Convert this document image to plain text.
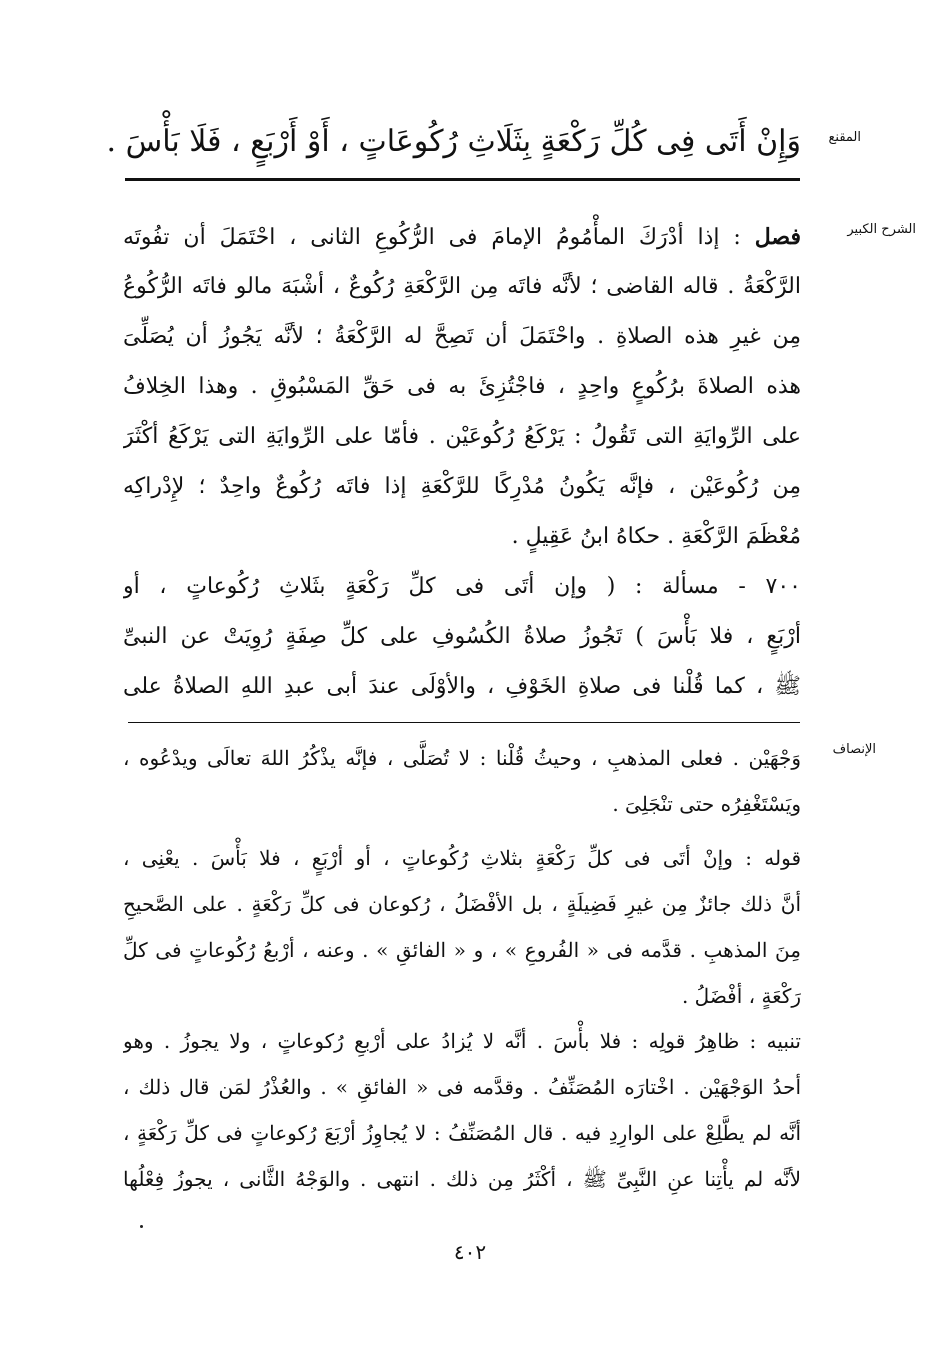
المقنع
وَإِنْ أَتَى فِى كُلِّ رَكْعَةٍ بِثَلَاثِ رُكُوعَاتٍ ، أَوْ أَرْبَعٍ ، فَلَا بَأْسَ .
الشرح الكبير
فصل : إذا أدْرَكَ المأْمُومُ الإمامَ فى الرُّكُوعِ الثانى ، احْتَمَلَ أن تفُوتَه
الرَّكْعَةُ . قاله القاضى ؛ لأنَّه فاتَه مِن الرَّكْعَةِ رُكُوعٌ ، أشْبَهَ مالو فاتَه الرُّكُوعُ
مِن غيرِ هذه الصلاةِ . واحْتَمَلَ أن تَصِحَّ له الرَّكْعَةُ ؛ لأنَّه يَجُوزُ أن يُصَلِّىَ
هذه الصلاةَ برُكُوعٍ واحِدٍ ، فاجْتُزِئَ به فى حَقِّ المَسْبُوقِ . وهذا الخِلافُ
على الرِّوايَةِ التى تَقُولُ : يَرْكَعُ رُكُوعَيْن . فأمّا على الرِّوايَةِ التى يَرْكَعُ أكْثَرَ
مِن رُكُوعَيْن ، فإنَّه يَكُونُ مُدْرِكًا للرَّكْعَةِ إذا فاتَه رُكُوعٌ واحِدٌ ؛ لإِدْراكِه
مُعْظَمَ الرَّكْعَةِ . حكاهُ ابنُ عَقِيلٍ .
٧٠٠ - مسألة : ( وإن أتَى فى كلِّ رَكْعَةٍ بثَلاثِ رُكُوعاتٍ ، أو
أرْبَعٍ ، فلا بَأْسَ ) تَجُوزُ صلاةُ الكُسُوفِ على كلِّ صِفَةٍ رُوِيَتْ عن النبىِّ
ﷺ ، كما قُلْنا فى صلاةِ الخَوْفِ ، والأوْلَى عندَ أبى عبدِ اللهِ الصلاةُ على
الإنصاف
وَجْهَيْن . فعلى المذهبِ ، وحيثُ قُلْنا : لا تُصَلَّى ، فإنَّه يذْكُرُ اللهَ تعالَى ويدْعُوه ،
ويَسْتَغْفِرُه حتى تنْجَلِىَ .
قوله : وإنْ أتَى فى كلِّ رَكْعَةٍ بثلاثِ رُكُوعاتٍ ، أو أرْبَعٍ ، فلا بَأْسَ . يعْنِى ،
أنَّ ذلك جائزٌ مِن غيرِ فَضِيلَةٍ ، بل الأفْضَلُ ، رُكوعان فى كلِّ رَكْعَةٍ . على الصَّحيحِ
مِنَ المذهبِ . قدَّمه فى « الفُروعِ » ، و « الفائقِ » . وعنه ، أرْبعُ رُكُوعاتٍ فى كلِّ
رَكْعَةٍ ، أفْضَلُ .
تنبيه : ظاهِرُ قولِه : فلا بأْسَ . أنَّه لا يُزادُ على أرْبعِ رُكوعاتٍ ، ولا يجوزُ . وهو
أحدُ الوَجْهَيْن . اخْتارَه المُصَنِّفُ . وقدَّمه فى « الفائقِ » . والعُذْرُ لمَن قال ذلك ،
أنَّه لم يطَّلِعْ على الوارِدِ فيه . قال المُصَنِّفُ : لا يُجاوِزُ أرْبَعَ رُكوعاتٍ فى كلِّ رَكْعَةٍ ،
لأنَّه لم يأْتِنا عنِ النَّبِىِّ ﷺ ، أكْثَرُ مِن ذلك . انتهى . والوَجْهُ الثَّانى ، يجوزُ فِعْلُها
٤٠٢
